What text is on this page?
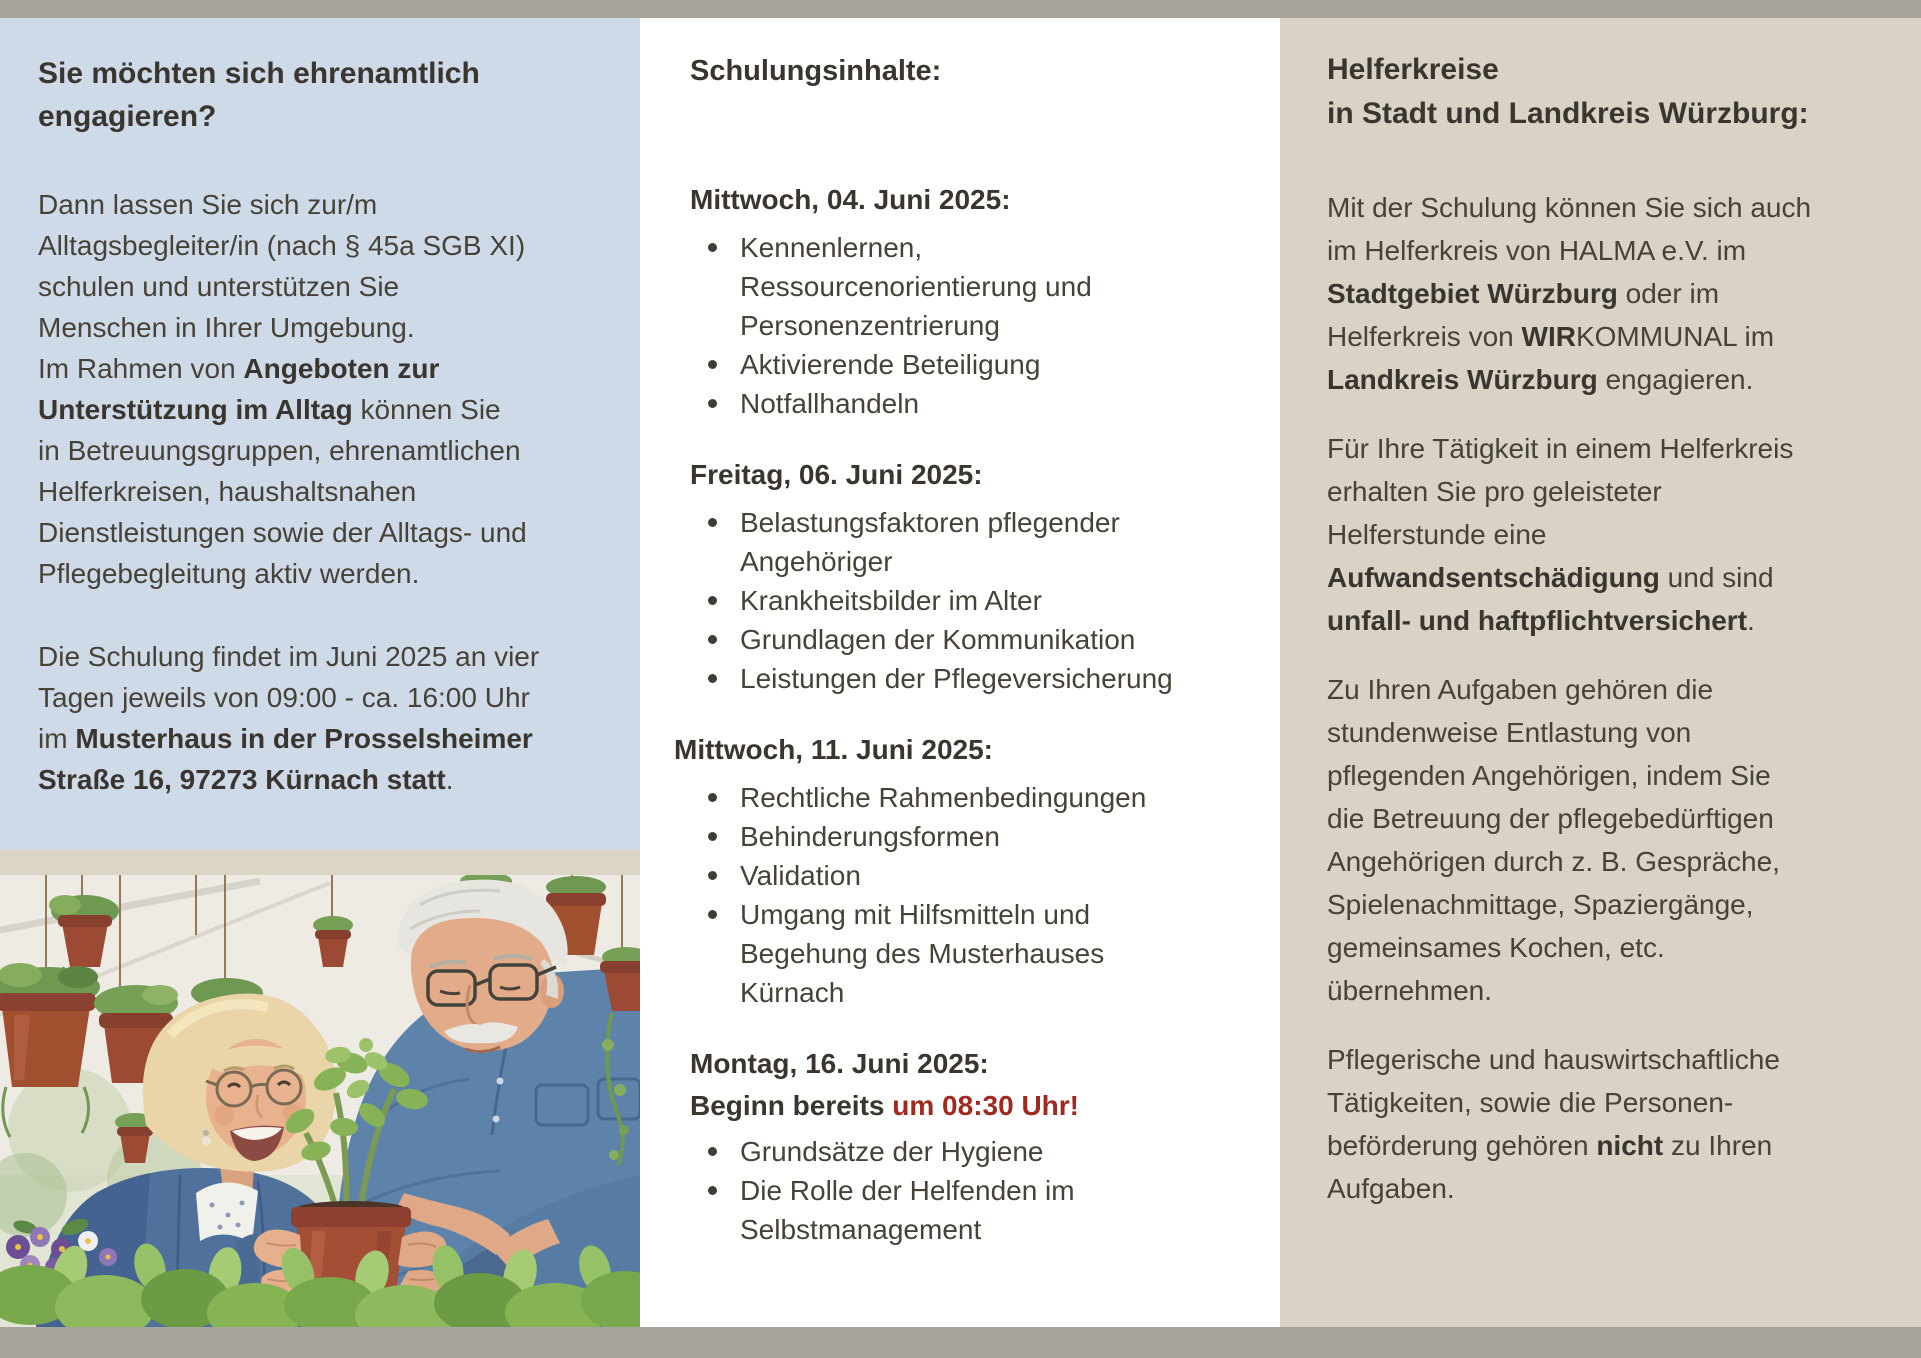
Sie möchten sich ehrenamtlich engagieren?

Dann lassen Sie sich zur/m
Alltagsbegleiter/in (nach § 45a SGB XI)
schulen und unterstützen Sie
Menschen in Ihrer Umgebung.
Im Rahmen von Angeboten zur
Unterstützung im Alltag können Sie
in Betreuungsgruppen, ehrenamtlichen
Helferkreisen, haushaltsnahen
Dienstleistungen sowie der Alltags- und
Pflegebegleitung aktiv werden.

Die Schulung findet im Juni 2025 an vier
Tagen jeweils von 09:00 - ca. 16:00 Uhr
im Musterhaus in der Prosselsheimer
Straße 16, 97273 Kürnach statt.

Schulungsinhalte:
Mittwoch, 04. Juni 2025:
Kennenlernen,
Ressourcenorientierung und
Personenzentrierung
Aktivierende Beteiligung
Notfallhandeln
Freitag, 06. Juni 2025:
Belastungsfaktoren pflegender
Angehöriger
Krankheitsbilder im Alter
Grundlagen der Kommunikation
Leistungen der Pflegeversicherung
Mittwoch, 11. Juni 2025:
Rechtliche Rahmenbedingungen
Behinderungsformen
Validation
Umgang mit Hilfsmitteln und
Begehung des Musterhauses
Kürnach
Montag, 16. Juni 2025:
Beginn bereits um 08:30 Uhr!
Grundsätze der Hygiene
Die Rolle der Helfenden im
Selbstmanagement
Helferkreise
in Stadt und Landkreis Würzburg:

Mit der Schulung können Sie sich auch
im Helferkreis von HALMA e.V. im
Stadtgebiet Würzburg oder im
Helferkreis von WIRKOMMUNAL im
Landkreis Würzburg engagieren.

Für Ihre Tätigkeit in einem Helferkreis
erhalten Sie pro geleisteter
Helferstunde eine
Aufwandsentschädigung und sind
unfall- und haftpflichtversichert.

Zu Ihren Aufgaben gehören die
stundenweise Entlastung von
pflegenden Angehörigen, indem Sie
die Betreuung der pflegebedürftigen
Angehörigen durch z. B. Gespräche,
Spielenachmittage, Spaziergänge,
gemeinsames Kochen, etc.
übernehmen.

Pflegerische und hauswirtschaftliche
Tätigkeiten, sowie die Personen-
beförderung gehören nicht zu Ihren
Aufgaben.
